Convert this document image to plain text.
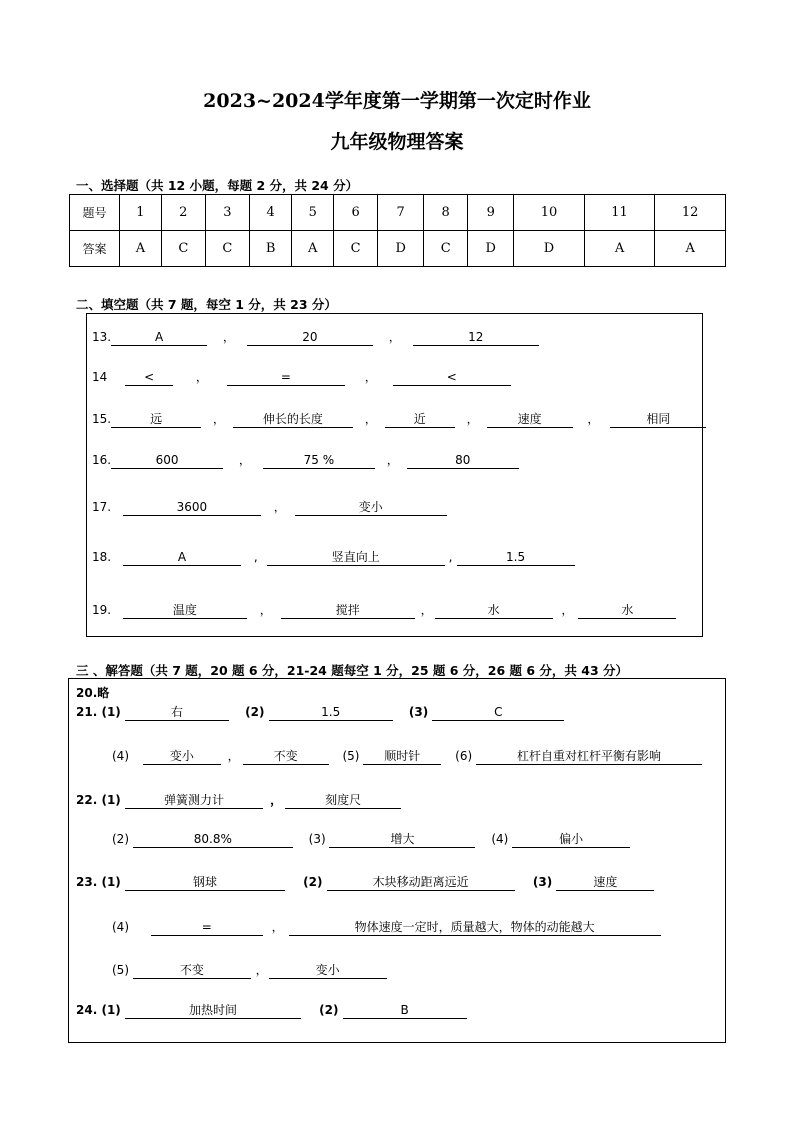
2023~2024学年度第一学期第一次定时作业
九年级物理答案
一、选择题（共 12 小题，每题 2 分，共 24 分）
题号	1	2	3	4	5	6	7	8	9	10	11	12
答案	A	C	C	B	A	C	D	C	D	D	A	A
二、填空题（共 7 题，每空 1 分，共 23 分）
13.	A	，	20	，	12
14	<	，	=	，	<
15.	远	，	伸长的长度	，	近	，	速度	，	相同
16.	600	，	75 %	，	80
17.	3600	，	变小
18.	A	,	竖直向上	,	1.5
19.	温度	，	搅拌	，	水	，	水
三 、解答题（共 7 题，20 题 6 分，21-24 题每空 1 分，25 题 6 分，26 题 6 分，共 43 分）
20.略
21. (1)	右	(2)	1.5	(3)	C
(4)	变小	，	不变	(5) 顺时针	(6)	杠杆自重对杠杆平衡有影响
22. (1)	弹簧测力计	，	刻度尺
(2)	80.8%	(3)	增大	(4)	偏小
23. (1)	钢球	(2)	木块移动距离远近	(3)	速度
(4)	=	，	物体速度一定时，质量越大，物体的动能越大
(5)	不变	，	变小
24. (1)	加热时间	(2)	B
